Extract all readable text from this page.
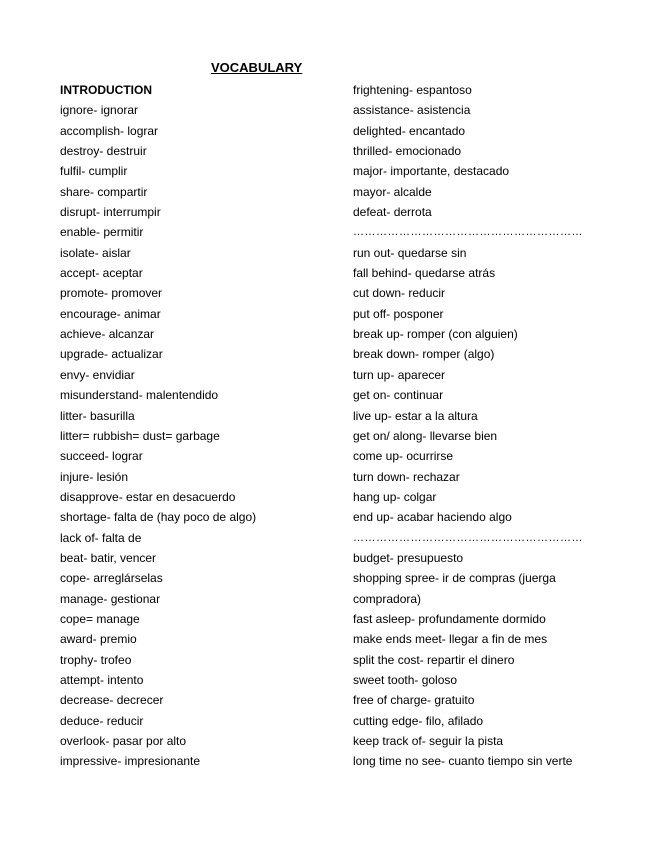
VOCABULARY
INTRODUCTION
ignore- ignorar
accomplish- lograr
destroy- destruir
fulfil- cumplir
share- compartir
disrupt- interrumpir
enable- permitir
isolate- aislar
accept- aceptar
promote- promover
encourage- animar
achieve- alcanzar
upgrade- actualizar
envy- envidiar
misunderstand- malentendido
litter- basurilla
litter= rubbish= dust= garbage
succeed- lograr
injure- lesión
disapprove- estar en desacuerdo
shortage- falta de (hay poco de algo)
lack of- falta de
beat- batir, vencer
cope- arreglárselas
manage- gestionar
cope= manage
award- premio
trophy- trofeo
attempt- intento
decrease- decrecer
deduce- reducir
overlook- pasar por alto
impressive- impresionante
frightening- espantoso
assistance- asistencia
delighted- encantado
thrilled- emocionado
major- importante, destacado
mayor- alcalde
defeat- derrota
……………………………………………………
run out- quedarse sin
fall behind- quedarse atrás
cut down- reducir
put off- posponer
break up- romper (con alguien)
break down- romper (algo)
turn up- aparecer
get on- continuar
live up- estar a la altura
get on/ along- llevarse bien
come up- ocurrirse
turn down- rechazar
hang up- colgar
end up- acabar haciendo algo
……………………………………………………
budget- presupuesto
shopping spree- ir de compras (juerga
compradora)
fast asleep- profundamente dormido
make ends meet- llegar a fin de mes
split the cost- repartir el dinero
sweet tooth- goloso
free of charge- gratuito
cutting edge- filo, afilado
keep track of- seguir la pista
long time no see- cuanto tiempo sin verte
